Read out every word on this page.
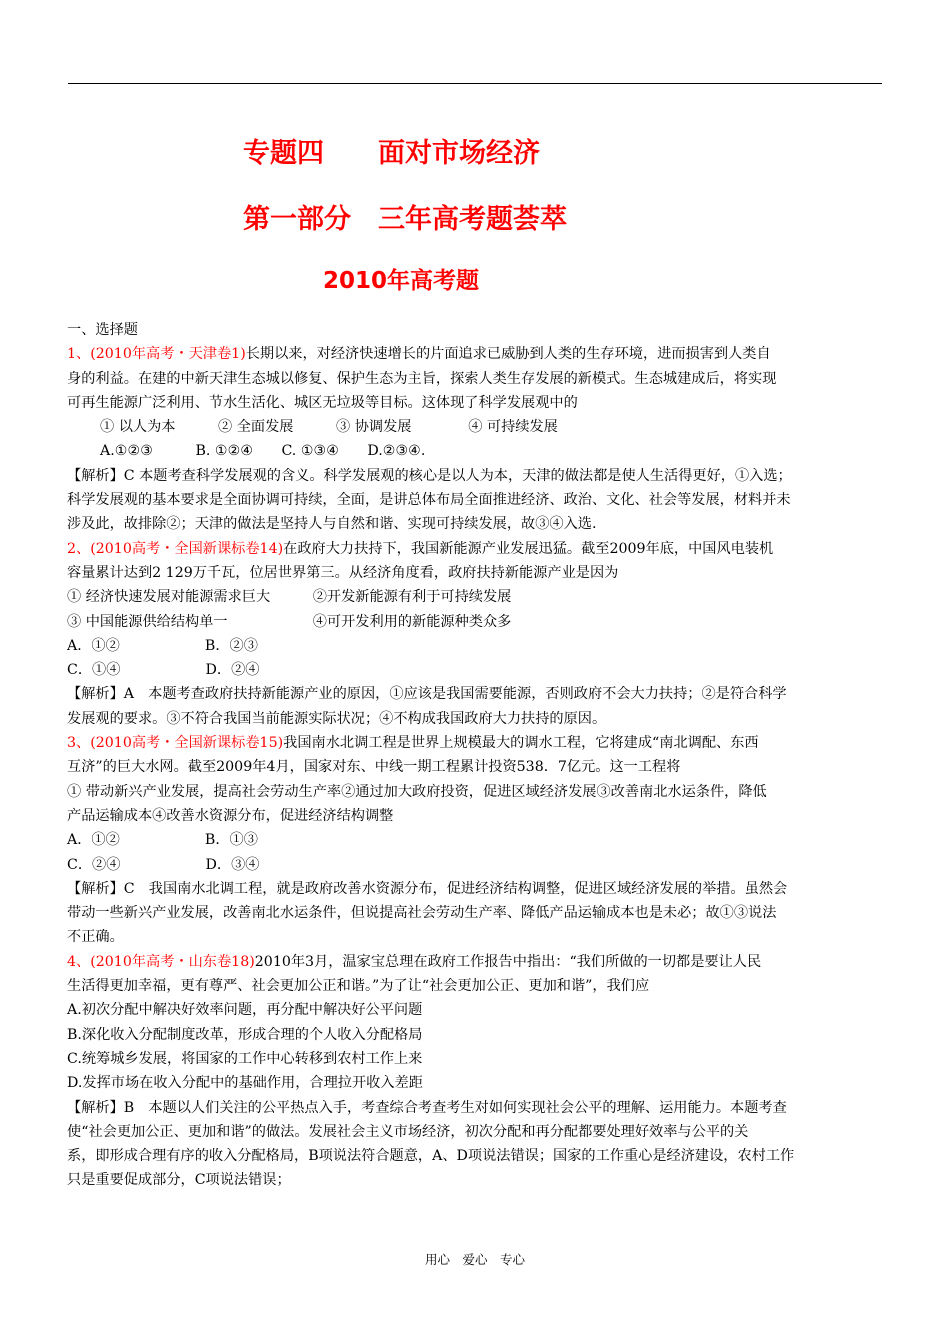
专题四　　面对市场经济
第一部分　三年高考题荟萃
2010年高考题
一、选择题
1、(2010年高考・天津卷1)长期以来，对经济快速增长的片面追求已威胁到人类的生存环境，进而损害到人类自
身的利益。在建的中新天津生态城以修复、保护生态为主旨，探索人类生存发展的新模式。生态城建成后，将实现
可再生能源广泛利用、节水生活化、城区无垃圾等目标。这体现了科学发展观中的
① 以人为本　　　② 全面发展　　　③ 协调发展　　　　④ 可持续发展
A.①②③　　　B. ①②④　　C. ①③④　　D.②③④.
【解析】C 本题考查科学发展观的含义。科学发展观的核心是以人为本，天津的做法都是使人生活得更好，①入选；
科学发展观的基本要求是全面协调可持续，全面，是讲总体布局全面推进经济、政治、文化、社会等发展，材料并未
涉及此，故排除②；天津的做法是坚持人与自然和谐、实现可持续发展，故③④入选.
2、(2010高考・全国新课标卷14)在政府大力扶持下，我国新能源产业发展迅猛。截至2009年底，中国风电装机
容量累计达到2 129万千瓦，位居世界第三。从经济角度看，政府扶持新能源产业是因为
① 经济快速发展对能源需求巨大　　　②开发新能源有利于可持续发展
③ 中国能源供给结构单一　　　　　　④可开发利用的新能源种类众多
A．①②　　　　　　B．②③
C．①④　　　　　　D．②④
【解析】A　本题考查政府扶持新能源产业的原因，①应该是我国需要能源，否则政府不会大力扶持；②是符合科学
发展观的要求。③不符合我国当前能源实际状况；④不构成我国政府大力扶持的原因。
3、(2010高考・全国新课标卷15)我国南水北调工程是世界上规模最大的调水工程，它将建成“南北调配、东西
互济”的巨大水网。截至2009年4月，国家对东、中线一期工程累计投资538．7亿元。这一工程将
① 带动新兴产业发展，提高社会劳动生产率②通过加大政府投资，促进区域经济发展③改善南北水运条件，降低
产品运输成本④改善水资源分布，促进经济结构调整
A．①②　　　　　　B．①③
C．②④　　　　　　D．③④
【解析】C　我国南水北调工程，就是政府改善水资源分布，促进经济结构调整，促进区域经济发展的举措。虽然会
带动一些新兴产业发展，改善南北水运条件，但说提高社会劳动生产率、降低产品运输成本也是未必；故①③说法
不正确。
4、(2010年高考・山东卷18)2010年3月，温家宝总理在政府工作报告中指出：“我们所做的一切都是要让人民
生活得更加幸福，更有尊严、社会更加公正和谐。”为了让“社会更加公正、更加和谐”，我们应
A.初次分配中解决好效率问题，再分配中解决好公平问题
B.深化收入分配制度改革，形成合理的个人收入分配格局
C.统筹城乡发展，将国家的工作中心转移到农村工作上来
D.发挥市场在收入分配中的基础作用，合理拉开收入差距
【解析】B　本题以人们关注的公平热点入手，考查综合考查考生对如何实现社会公平的理解、运用能力。本题考查
使“社会更加公正、更加和谐”的做法。发展社会主义市场经济，初次分配和再分配都要处理好效率与公平的关
系，即形成合理有序的收入分配格局，B项说法符合题意，A、D项说法错误；国家的工作重心是经济建设，农村工作
只是重要促成部分，C项说法错误；
用心　爱心　专心
